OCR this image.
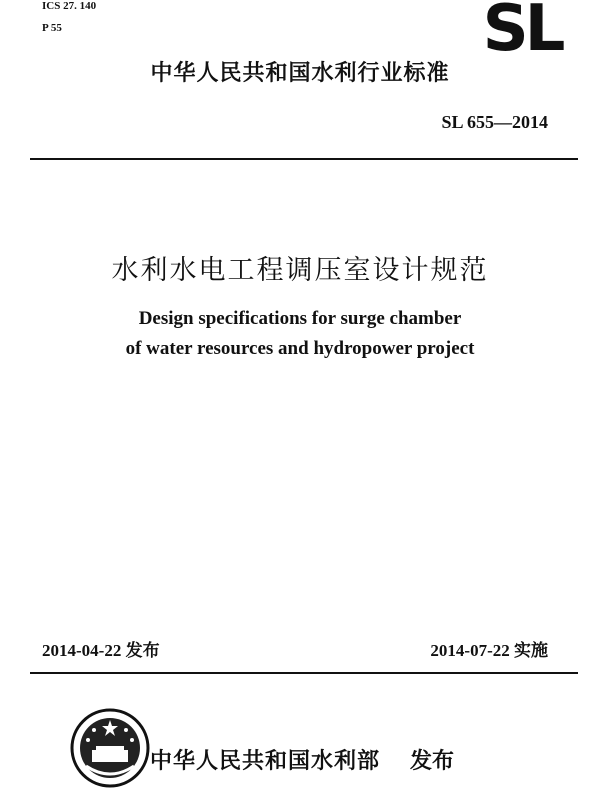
ICS 27. 140
P 55	SL
中华人民共和国水利行业标准
SL 655—2014
水利水电工程调压室设计规范
Design specifications for surge chamber
of water resources and hydropower project
2014-04-22 发布	2014-07-22 实施
中华人民共和国水利部 发布
